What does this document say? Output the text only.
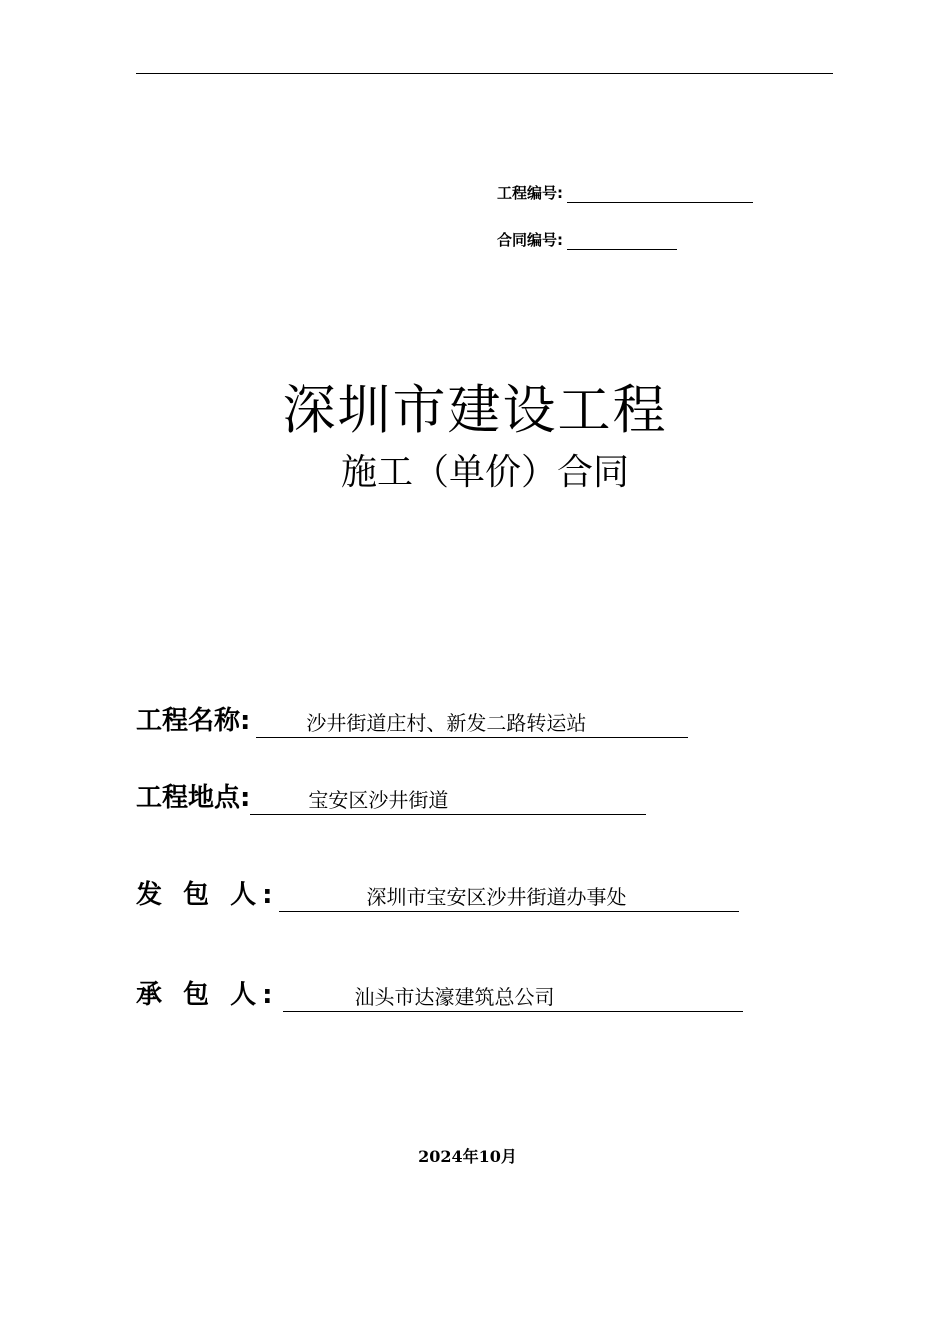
工程编号:
合同编号:
深圳市建设工程
施工（单价）合同
工程名称:	沙井街道庄村、新发二路转运站
工程地点:	宝安区沙井街道
发 包 人:	深圳市宝安区沙井街道办事处
承 包 人:	汕头市达濠建筑总公司
2024年10月
